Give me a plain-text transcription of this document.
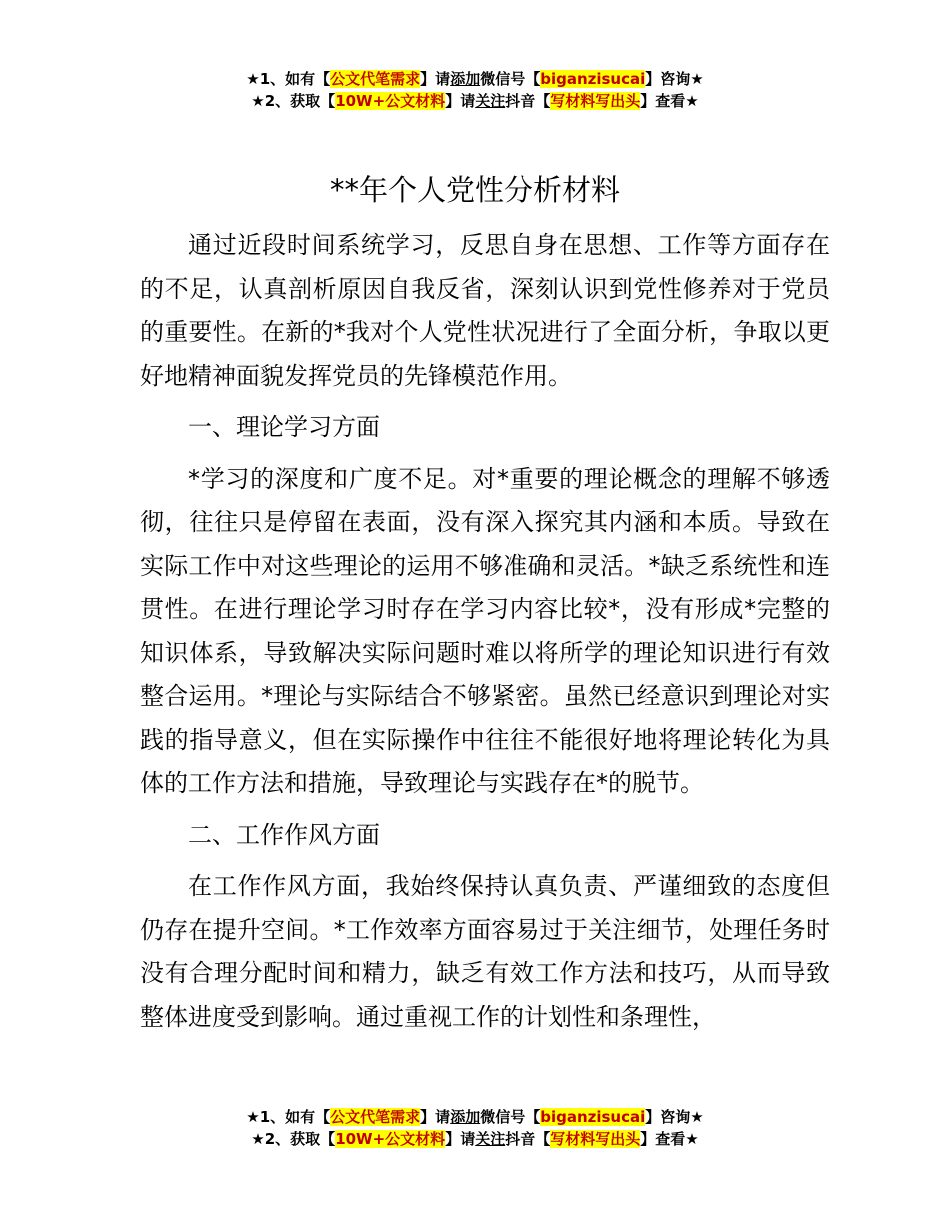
★1、如有【公文代笔需求】请添加微信号【biganzisucai】咨询★
★2、获取【10W+公文材料】请关注抖音【写材料写出头】查看★
**年个人党性分析材料

通过近段时间系统学习，反思自身在思想、工作等方面存在的不足，认真剖析原因自我反省，深刻认识到党性修养对于党员的重要性。在新的*我对个人党性状况进行了全面分析，争取以更好地精神面貌发挥党员的先锋模范作用。

一、理论学习方面

*学习的深度和广度不足。对*重要的理论概念的理解不够透彻，往往只是停留在表面，没有深入探究其内涵和本质。导致在实际工作中对这些理论的运用不够准确和灵活。*缺乏系统性和连贯性。在进行理论学习时存在学习内容比较*，没有形成*完整的知识体系，导致解决实际问题时难以将所学的理论知识进行有效整合运用。*理论与实际结合不够紧密。虽然已经意识到理论对实践的指导意义，但在实际操作中往往不能很好地将理论转化为具体的工作方法和措施，导致理论与实践存在*的脱节。

二、工作作风方面

在工作作风方面，我始终保持认真负责、严谨细致的态度但仍存在提升空间。*工作效率方面容易过于关注细节，处理任务时没有合理分配时间和精力，缺乏有效工作方法和技巧，从而导致整体进度受到影响。通过重视工作的计划性和条理性，

★1、如有【公文代笔需求】请添加微信号【biganzisucai】咨询★
★2、获取【10W+公文材料】请关注抖音【写材料写出头】查看★
